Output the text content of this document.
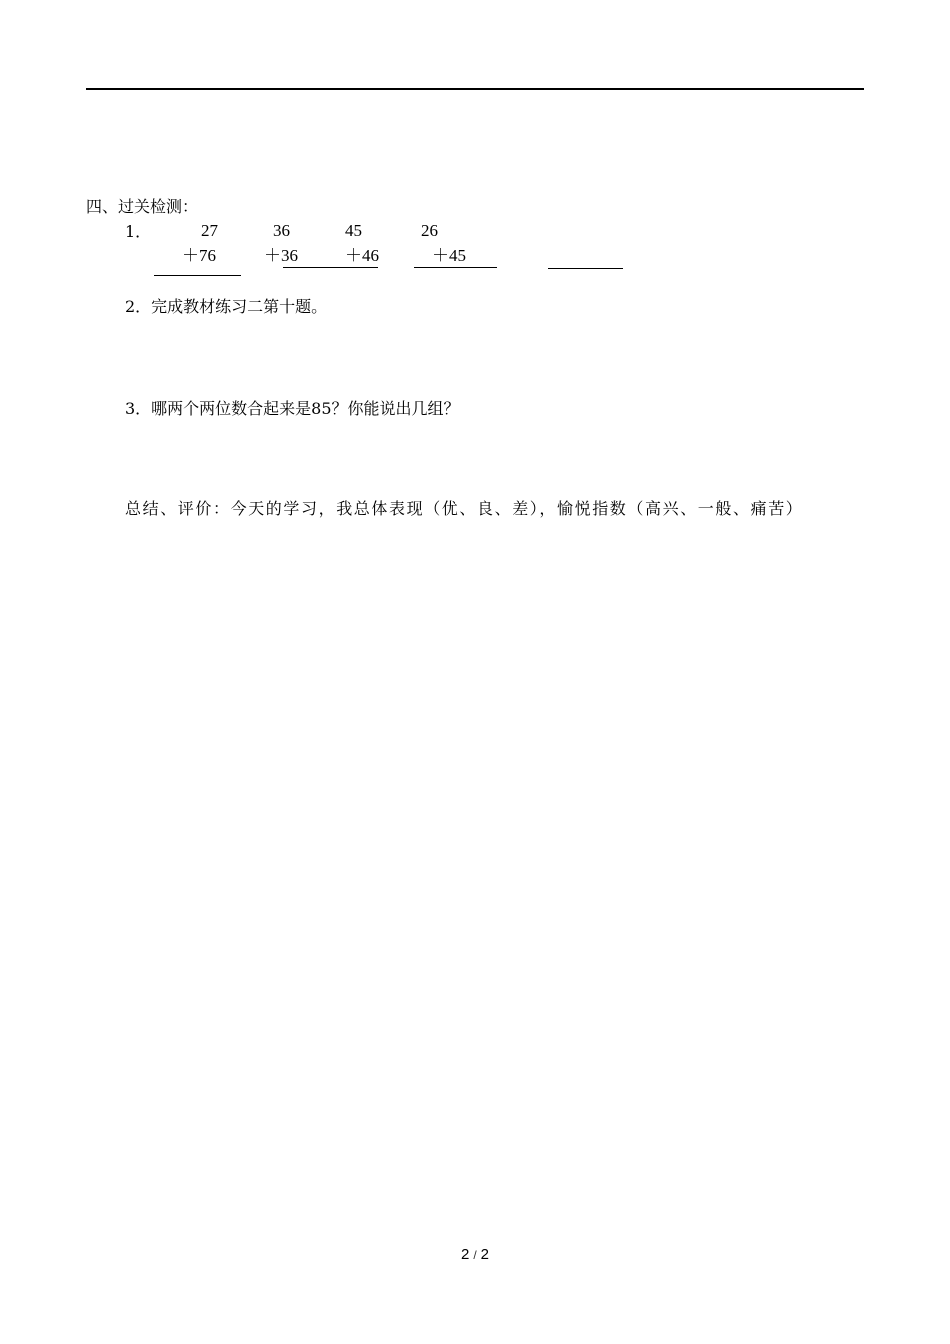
四、过关检测：
1．	27	36	45	26
＋76	＋36	＋46	＋45
2．完成教材练习二第十题。
3．哪两个两位数合起来是85？你能说出几组？
总结、评价：今天的学习，我总体表现（优、良、差），愉悦指数（高兴、一般、痛苦）
2 / 2
